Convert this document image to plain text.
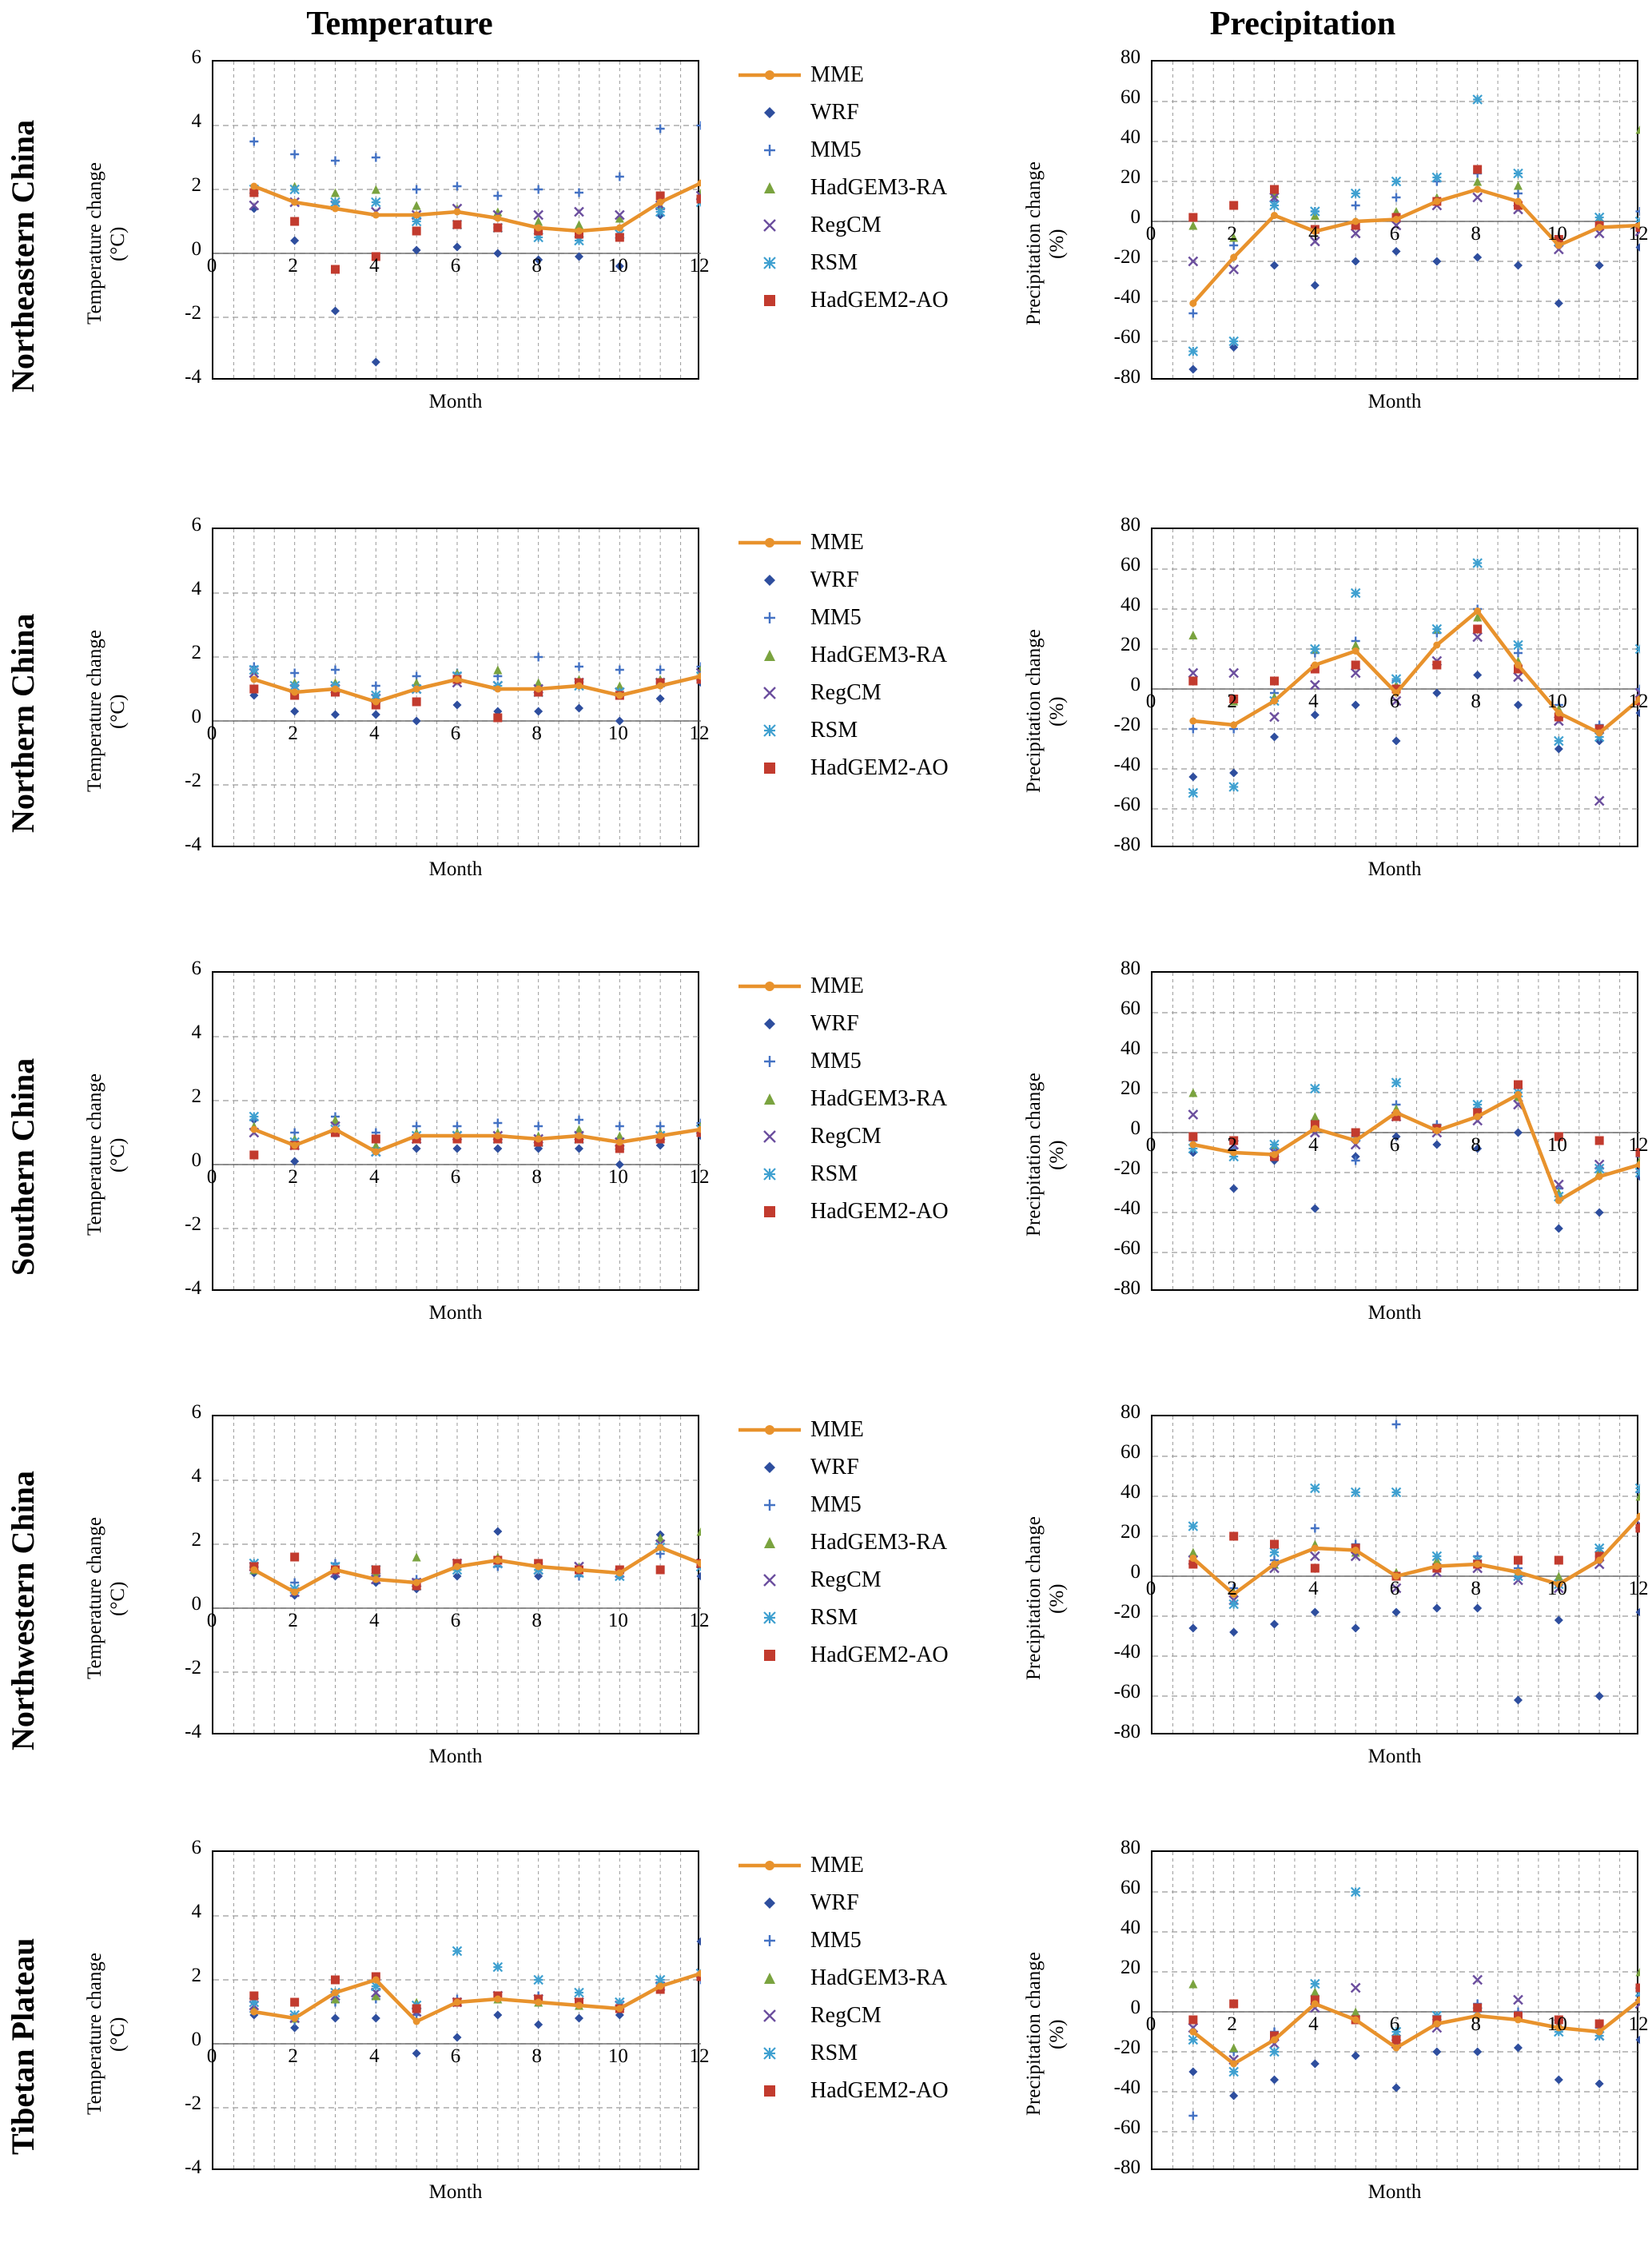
Temperature	Precipitation
Northeastern China
6
4
2
0
-2
-4
0	2	4	6	8	10	12
Month
Temperature change
(°C)
80
60
40
20
0
-20
-40
-60
-80
0	2	4	6	8	10	12
Month
Precipitation change
(%)
MME
WRF
MM5
HadGEM3-RA
RegCM
RSM
HadGEM2-AO
Northern China
6
4
2
0
-2
-4
0	2	4	6	8	10	12
Month
Temperature change
(°C)
80
60
40
20
0
-20
-40
-60
-80
0	2	4	6	8	10	12
Month
Precipitation change
(%)
MME
WRF
MM5
HadGEM3-RA
RegCM
RSM
HadGEM2-AO
Southern China
6
4
2
0
-2
-4
0	2	4	6	8	10	12
Month
Temperature change
(°C)
80
60
40
20
0
-20
-40
-60
-80
0	2	4	6	8	10	12
Month
Precipitation change
(%)
MME
WRF
MM5
HadGEM3-RA
RegCM
RSM
HadGEM2-AO
Northwestern China
6
4
2
0
-2
-4
0	2	4	6	8	10	12
Month
Temperature change
(°C)
80
60
40
20
0
-20
-40
-60
-80
0	2	4	6	8	10	12
Month
Precipitation change
(%)
MME
WRF
MM5
HadGEM3-RA
RegCM
RSM
HadGEM2-AO
Tibetan Plateau
6
4
2
0
-2
-4
0	2	4	6	8	10	12
Month
Temperature change
(°C)
80
60
40
20
0
-20
-40
-60
-80
0	2	4	6	8	10	12
Month
Precipitation change
(%)
MME
WRF
MM5
HadGEM3-RA
RegCM
RSM
HadGEM2-AO
